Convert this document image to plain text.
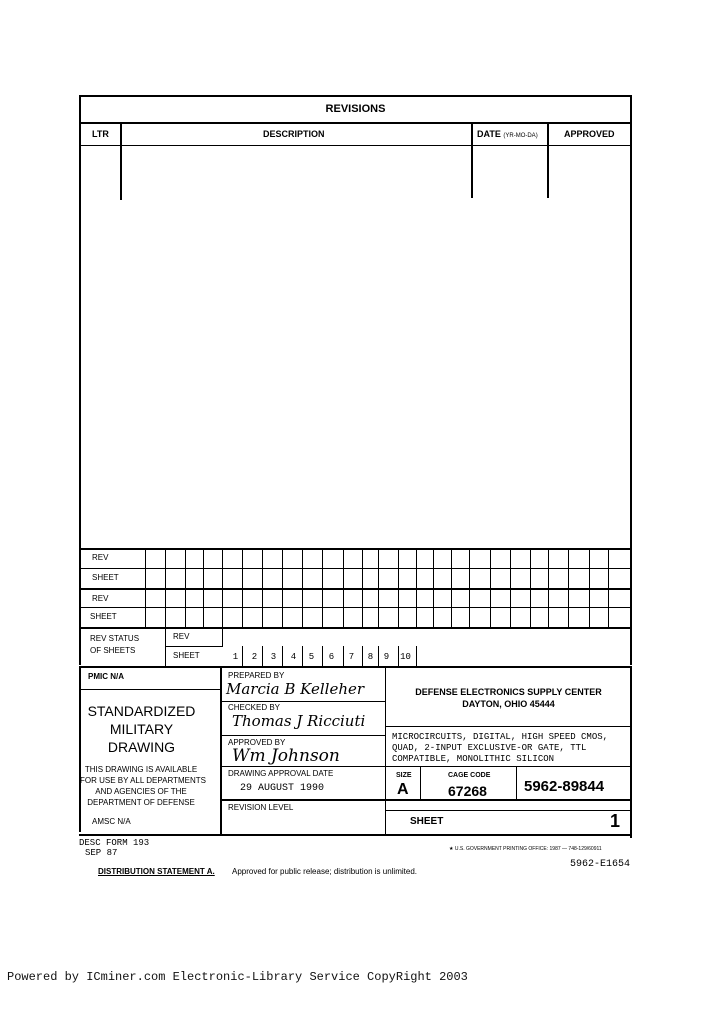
REVISIONS
LTR	DESCRIPTION	DATE (YR-MO-DA)	APPROVED
REV
SHEET
REV
SHEET
REV STATUS
OF SHEETS
REV
SHEET	1	2	3	4	5	6	7	8	9	10
PMIC N/A
STANDARDIZED
MILITARY
DRAWING
THIS DRAWING IS AVAILABLE
FOR USE BY ALL DEPARTMENTS
AND AGENCIES OF THE
DEPARTMENT OF DEFENSE
AMSC N/A
PREPARED BY
Marcia B Kelleher
CHECKED BY
Thomas J Ricciuti
APPROVED BY
Wm Johnson
DRAWING APPROVAL DATE
29 AUGUST 1990
REVISION LEVEL
DEFENSE ELECTRONICS SUPPLY CENTER
DAYTON, OHIO 45444
MICROCIRCUITS, DIGITAL, HIGH SPEED CMOS,
QUAD, 2-INPUT EXCLUSIVE-OR GATE, TTL
COMPATIBLE, MONOLITHIC SILICON
SIZE
A
CAGE CODE
67268 5962-89844
SHEET	1
DESC FORM 193
SEP 87	★ U.S. GOVERNMENT PRINTING OFFICE: 1987 — 748-129/60911
5962-E1654
DISTRIBUTION STATEMENT A. Approved for public release; distribution is unlimited.
Powered by ICminer.com Electronic-Library Service CopyRight 2003
